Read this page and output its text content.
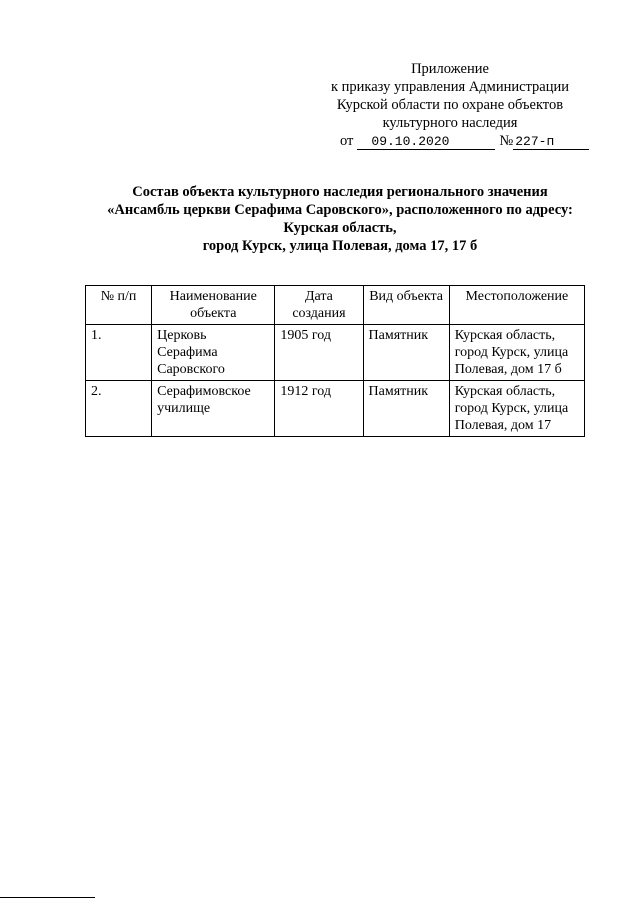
Приложение
к приказу управления Администрации
Курской области по охране объектов
культурного наследия
от 09.10.2020	№ 227-п
Состав объекта культурного наследия регионального значения
«Ансамбль церкви Серафима Саровского», расположенного по адресу:
Курская область,
город Курск, улица Полевая, дома 17, 17 б
№ п/п	Наименование объекта	Дата создания	Вид объекта	Местоположение
1.	Церковь Серафима Саровского	1905 год	Памятник	Курская область, город Курск, улица Полевая, дом 17 б
2.	Серафимовское училище	1912 год	Памятник	Курская область, город Курск, улица Полевая, дом 17
